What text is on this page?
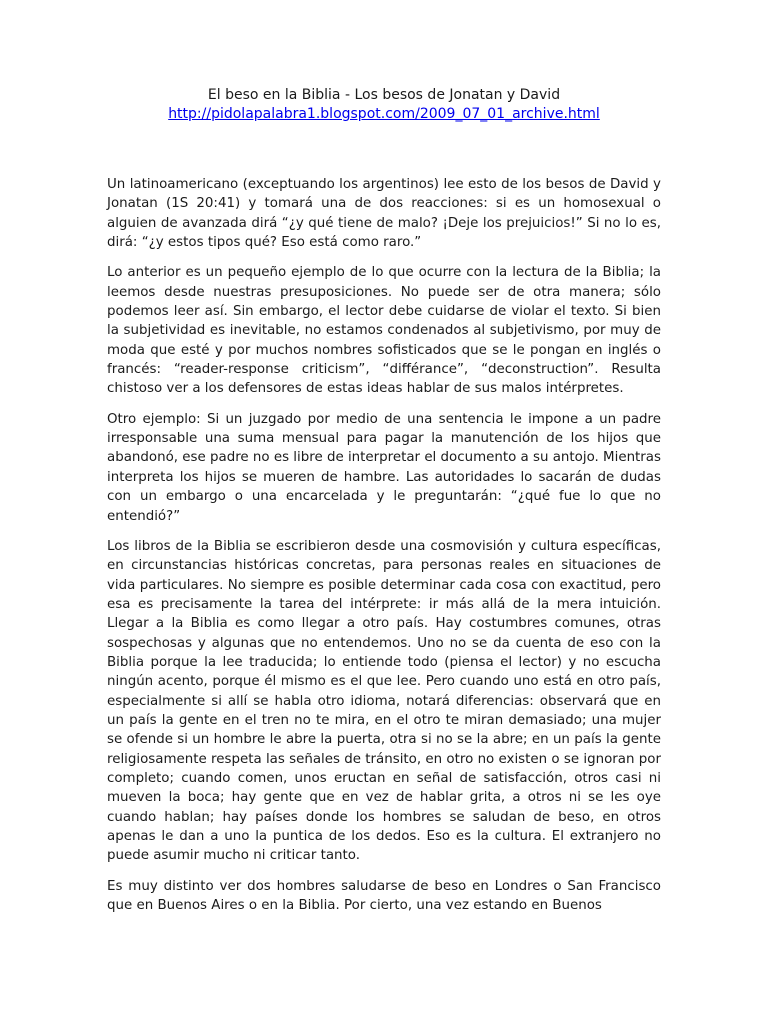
El beso en la Biblia - Los besos de Jonatan y David
http://pidolapalabra1.blogspot.com/2009_07_01_archive.html

Un latinoamericano (exceptuando los argentinos) lee esto de los besos de David y Jonatan (1S 20:41) y tomará una de dos reacciones: si es un homosexual o alguien de avanzada dirá “¿y qué tiene de malo? ¡Deje los prejuicios!” Si no lo es, dirá: “¿y estos tipos qué? Eso está como raro.”

Lo anterior es un pequeño ejemplo de lo que ocurre con la lectura de la Biblia; la leemos desde nuestras presuposiciones. No puede ser de otra manera; sólo podemos leer así. Sin embargo, el lector debe cuidarse de violar el texto. Si bien la subjetividad es inevitable, no estamos condenados al subjetivismo, por muy de moda que esté y por muchos nombres sofisticados que se le pongan en inglés o francés: “reader-response criticism”, “différance”, “deconstruction”. Resulta chistoso ver a los defensores de estas ideas hablar de sus malos intérpretes.

Otro ejemplo: Si un juzgado por medio de una sentencia le impone a un padre irresponsable una suma mensual para pagar la manutención de los hijos que abandonó, ese padre no es libre de interpretar el documento a su antojo. Mientras interpreta los hijos se mueren de hambre. Las autoridades lo sacarán de dudas con un embargo o una encarcelada y le preguntarán: “¿qué fue lo que no entendió?”

Los libros de la Biblia se escribieron desde una cosmovisión y cultura específicas, en circunstancias históricas concretas, para personas reales en situaciones de vida particulares. No siempre es posible determinar cada cosa con exactitud, pero esa es precisamente la tarea del intérprete: ir más allá de la mera intuición. Llegar a la Biblia es como llegar a otro país. Hay costumbres comunes, otras sospechosas y algunas que no entendemos. Uno no se da cuenta de eso con la Biblia porque la lee traducida; lo entiende todo (piensa el lector) y no escucha ningún acento, porque él mismo es el que lee. Pero cuando uno está en otro país, especialmente si allí se habla otro idioma, notará diferencias: observará que en un país la gente en el tren no te mira, en el otro te miran demasiado; una mujer se ofende si un hombre le abre la puerta, otra si no se la abre; en un país la gente religiosamente respeta las señales de tránsito, en otro no existen o se ignoran por completo; cuando comen, unos eructan en señal de satisfacción, otros casi ni mueven la boca; hay gente que en vez de hablar grita, a otros ni se les oye cuando hablan; hay países donde los hombres se saludan de beso, en otros apenas le dan a uno la puntica de los dedos. Eso es la cultura. El extranjero no puede asumir mucho ni criticar tanto.

Es muy distinto ver dos hombres saludarse de beso en Londres o San Francisco que en Buenos Aires o en la Biblia. Por cierto, una vez estando en Buenos
